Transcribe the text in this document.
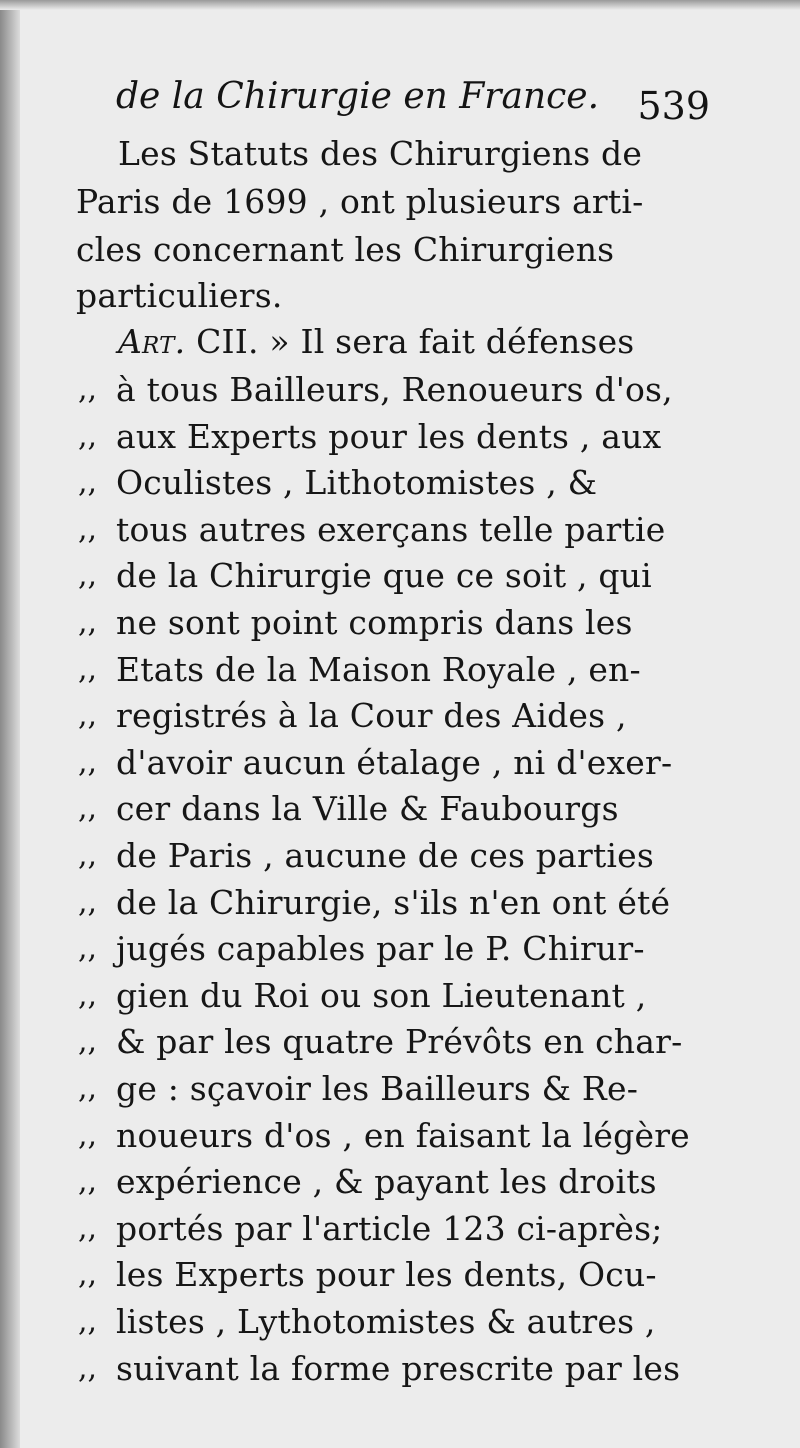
de la Chirurgie en France.	539
Les Statuts des Chirurgiens de
Paris de 1699 , ont plusieurs arti-
cles concernant les Chirurgiens
particuliers.
Art. CII. » Il sera fait défenses
,, à tous Bailleurs, Renoueurs d'os,
,, aux Experts pour les dents , aux
,, Oculistes , Lithotomistes , &
,, tous autres exerçans telle partie
,, de la Chirurgie que ce soit , qui
,, ne sont point compris dans les
,, Etats de la Maison Royale , en-
,, registrés à la Cour des Aides ,
,, d'avoir aucun étalage , ni d'exer-
,, cer dans la Ville & Faubourgs
,, de Paris , aucune de ces parties
,, de la Chirurgie, s'ils n'en ont été
,, jugés capables par le P. Chirur-
,, gien du Roi ou son Lieutenant ,
,, & par les quatre Prévôts en char-
,, ge : sçavoir les Bailleurs & Re-
,, noueurs d'os , en faisant la légère
,, expérience , & payant les droits
,, portés par l'article 123 ci-après;
,, les Experts pour les dents, Ocu-
,, listes , Lythotomistes & autres ,
,, suivant la forme prescrite par les
